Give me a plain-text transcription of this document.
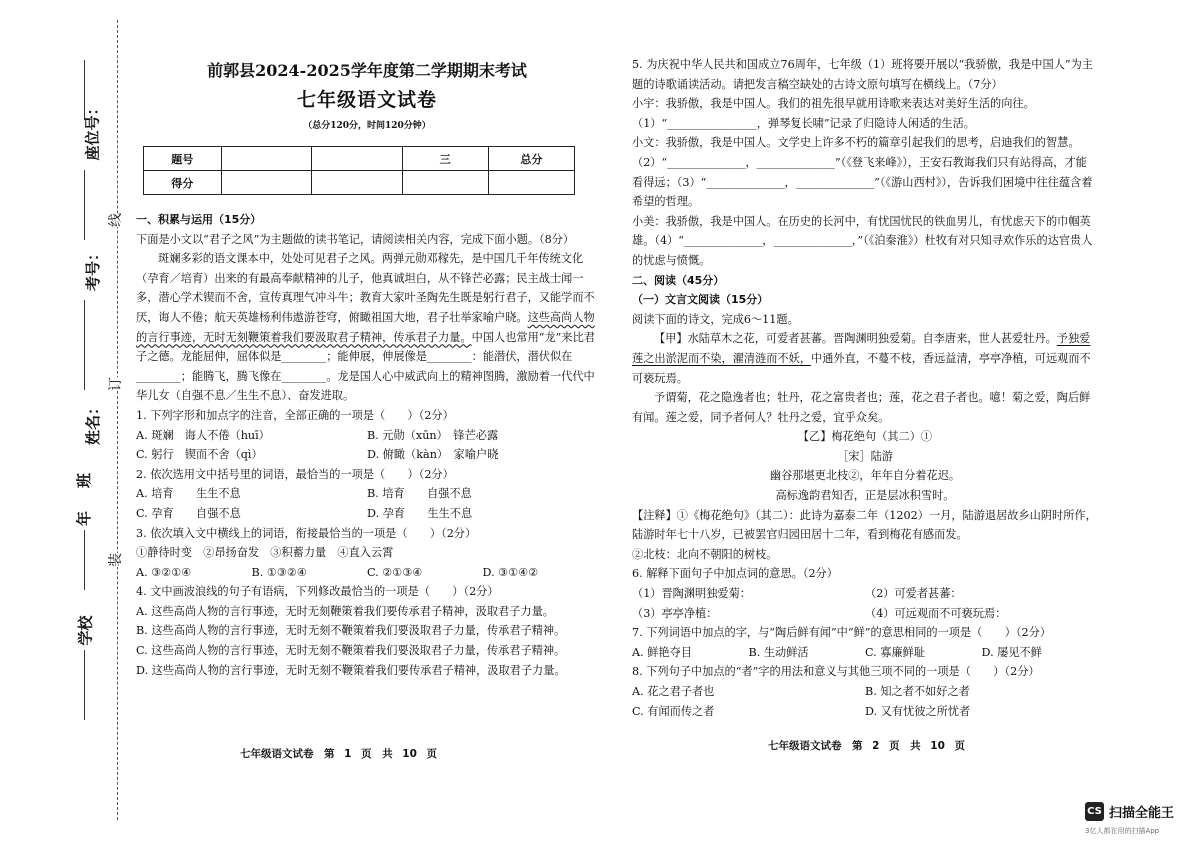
座位号：
考号：
姓名：
班
年
学校
线
订
装
前郭县2024-2025学年度第二学期期末考试
七年级语文试卷
（总分120分，时间120分钟）
题号			三	总分
得分				

一、积累与运用（15分）

下面是小文以“君子之风”为主题做的读书笔记，请阅读相关内容，完成下面小题。（8分）

斑斓多彩的语文课本中，处处可见君子之风。两弹元勋邓稼先，是中国几千年传统文化（孕育／培育）出来的有最高奉献精神的儿子，他真诚坦白，从不锋芒必露；民主战士闻一多，潜心学术锲而不舍，宣传真理气冲斗牛；教育大家叶圣陶先生既是躬行君子，又能学而不厌，诲人不倦；航天英雄杨利伟遨游苍穹，俯瞰祖国大地，君子壮举家喻户晓。这些高尚人物的言行事迹，无时无刻鞭策着我们要汲取君子精神，传承君子力量。中国人也常用“龙”来比君子之德。龙能屈伸，屈体似是________；能伸展，伸展像是________：能潜伏，潜伏似在________；能腾飞，腾飞像在________。龙是国人心中威武向上的精神图腾，激励着一代代中华儿女（自强不息／生生不息）、奋发进取。

1. 下列字形和加点字的注音，全部正确的一项是（　　）（2分）

A. 斑斓　诲人不倦（huī）	B. 元勋（xūn）　锋芒必露
C. 躬行　锲而不舍（qì）	D. 俯瞰（kàn）　家喻户晓

2. 依次选用文中括号里的词语，最恰当的一项是（　　）（2分）

A. 培育　　生生不息	B. 培育　　自强不息
C. 孕育　　自强不息	D. 孕育　　生生不息

3. 依次填入文中横线上的词语，衔接最恰当的一项是（　　）（2分）

①静待时变　②昂扬奋发　③积蓄力量　④直入云霄

A. ③②①④	B. ①③②④	C. ②①③④	D. ③①④②

4. 文中画波浪线的句子有语病，下列修改最恰当的一项是（　　）（2分）

A. 这些高尚人物的言行事迹，无时无刻鞭策着我们要传承君子精神，汲取君子力量。

B. 这些高尚人物的言行事迹，无时无刻不鞭策着我们要汲取君子力量，传承君子精神。

C. 这些高尚人物的言行事迹，无时无刻不鞭策着我们要汲取君子力量，传承君子精神。

D. 这些高尚人物的言行事迹，无时无刻不鞭策着我们要传承君子精神，汲取君子力量。

七年级语文试卷　第 1 页　共 10 页

5. 为庆祝中华人民共和国成立76周年，七年级（1）班将要开展以“我骄傲，我是中国人”为主题的诗歌诵读活动。请把发言稿空缺处的古诗文原句填写在横线上。（7分）

小宇：我骄傲，我是中国人。我们的祖先很早就用诗歌来表达对美好生活的向往。

（1）“________________，弹琴复长啸”记录了归隐诗人闲适的生活。

小文：我骄傲，我是中国人。文学史上许多不朽的篇章引起我们的思考，启迪我们的智慧。

（2）“______________，______________”（《登飞来峰》），王安石教诲我们只有站得高，才能看得远；（3）“______________，______________”（《游山西村》），告诉我们困境中往往蕴含着希望的哲理。

小美：我骄傲，我是中国人。在历史的长河中，有忧国忧民的铁血男儿，有忧虑天下的巾帼英雄。（4）“______________，______________，”（《泊秦淮》）杜牧有对只知寻欢作乐的达官贵人的忧虑与愤慨。

二、阅读（45分）

（一）文言文阅读（15分）

阅读下面的诗文，完成6～11题。

【甲】水陆草木之花，可爱者甚蕃。晋陶渊明独爱菊。自李唐来，世人甚爱牡丹。予独爱莲之出淤泥而不染，濯清涟而不妖，中通外直，不蔓不枝，香远益清，亭亭净植，可远观而不可亵玩焉。

予谓菊，花之隐逸者也；牡丹，花之富贵者也；莲，花之君子者也。噫！菊之爱，陶后鲜有闻。莲之爱，同予者何人？牡丹之爱，宜乎众矣。

【乙】梅花绝句（其二）①

［宋］陆游

幽谷那堪更北枝②，年年自分着花迟。

高标逸韵君知否，正是层冰积雪时。

【注释】①《梅花绝句》（其二）：此诗为嘉泰二年（1202）一月，陆游退居故乡山阴时所作，陆游时年七十八岁，已被罢官归园田居十二年，看到梅花有感而发。

②北枝：北向不朝阳的树枝。

6. 解释下面句子中加点词的意思。（2分）

（1）晋陶渊明独爱菊：	（2）可爱者甚蕃：
（3）亭亭净植：	（4）可远观而不可亵玩焉：

7. 下列词语中加点的字，与“陶后鲜有闻”中“鲜”的意思相同的一项是（　　）（2分）

A. 鲜艳夺目	B. 生动鲜活	C. 寡廉鲜耻	D. 屡见不鲜

8. 下列句子中加点的“者”字的用法和意义与其他三项不同的一项是（　　）（2分）

A. 花之君子者也	B. 知之者不如好之者
C. 有闻而传之者	D. 又有忧彼之所忧者
七年级语文试卷　第 2 页　共 10 页
CS 扫描全能王
3亿人都在用的扫描App
